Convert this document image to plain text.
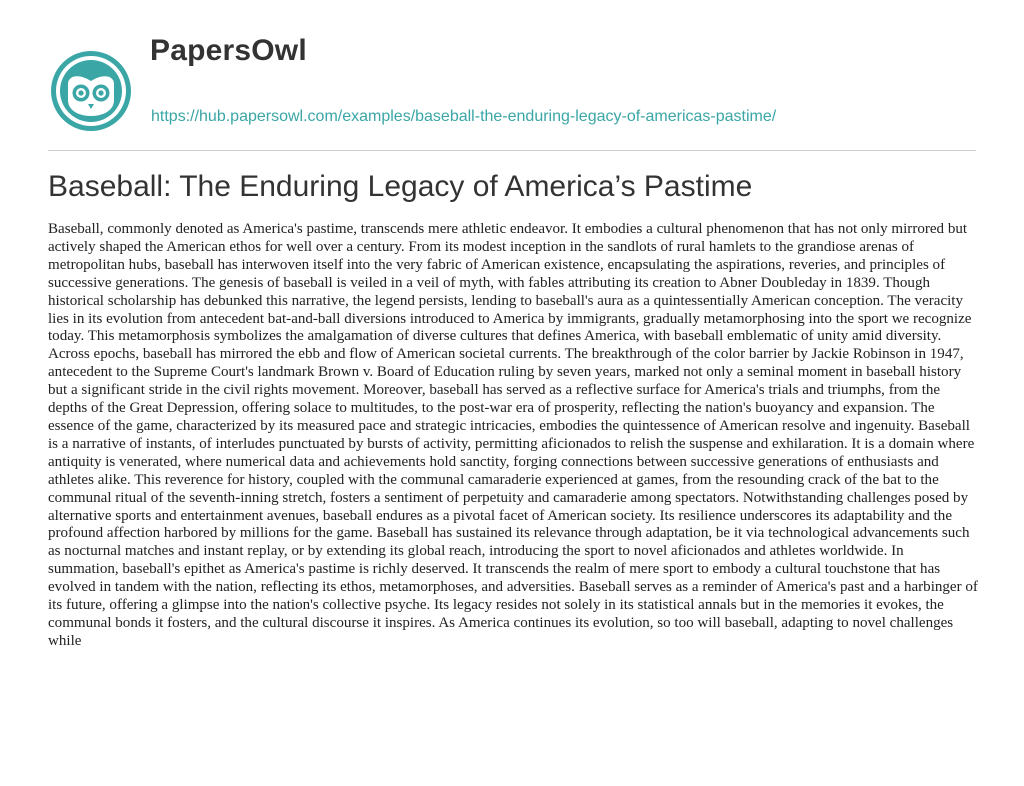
PapersOwl
https://hub.papersowl.com/examples/baseball-the-enduring-legacy-of-americas-pastime/
Baseball: The Enduring Legacy of America’s Pastime

Baseball, commonly denoted as America's pastime, transcends mere athletic endeavor. It embodies a cultural phenomenon that has not only mirrored but actively shaped the American ethos for well over a century. From its modest inception in the sandlots of rural hamlets to the grandiose arenas of metropolitan hubs, baseball has interwoven itself into the very fabric of American existence, encapsulating the aspirations, reveries, and principles of successive generations. The genesis of baseball is veiled in a veil of myth, with fables attributing its creation to Abner Doubleday in 1839. Though historical scholarship has debunked this narrative, the legend persists, lending to baseball's aura as a quintessentially American conception. The veracity lies in its evolution from antecedent bat-and-ball diversions introduced to America by immigrants, gradually metamorphosing into the sport we recognize today. This metamorphosis symbolizes the amalgamation of diverse cultures that defines America, with baseball emblematic of unity amid diversity. Across epochs, baseball has mirrored the ebb and flow of American societal currents. The breakthrough of the color barrier by Jackie Robinson in 1947, antecedent to the Supreme Court's landmark Brown v. Board of Education ruling by seven years, marked not only a seminal moment in baseball history but a significant stride in the civil rights movement. Moreover, baseball has served as a reflective surface for America's trials and triumphs, from the depths of the Great Depression, offering solace to multitudes, to the post-war era of prosperity, reflecting the nation's buoyancy and expansion. The essence of the game, characterized by its measured pace and strategic intricacies, embodies the quintessence of American resolve and ingenuity. Baseball is a narrative of instants, of interludes punctuated by bursts of activity, permitting aficionados to relish the suspense and exhilaration. It is a domain where antiquity is venerated, where numerical data and achievements hold sanctity, forging connections between successive generations of enthusiasts and athletes alike. This reverence for history, coupled with the communal camaraderie experienced at games, from the resounding crack of the bat to the communal ritual of the seventh-inning stretch, fosters a sentiment of perpetuity and camaraderie among spectators. Notwithstanding challenges posed by alternative sports and entertainment avenues, baseball endures as a pivotal facet of American society. Its resilience underscores its adaptability and the profound affection harbored by millions for the game. Baseball has sustained its relevance through adaptation, be it via technological advancements such as nocturnal matches and instant replay, or by extending its global reach, introducing the sport to novel aficionados and athletes worldwide. In summation, baseball's epithet as America's pastime is richly deserved. It transcends the realm of mere sport to embody a cultural touchstone that has evolved in tandem with the nation, reflecting its ethos, metamorphoses, and adversities. Baseball serves as a reminder of America's past and a harbinger of its future, offering a glimpse into the nation's collective psyche. Its legacy resides not solely in its statistical annals but in the memories it evokes, the communal bonds it fosters, and the cultural discourse it inspires. As America continues its evolution, so too will baseball, adapting to novel challenges while
